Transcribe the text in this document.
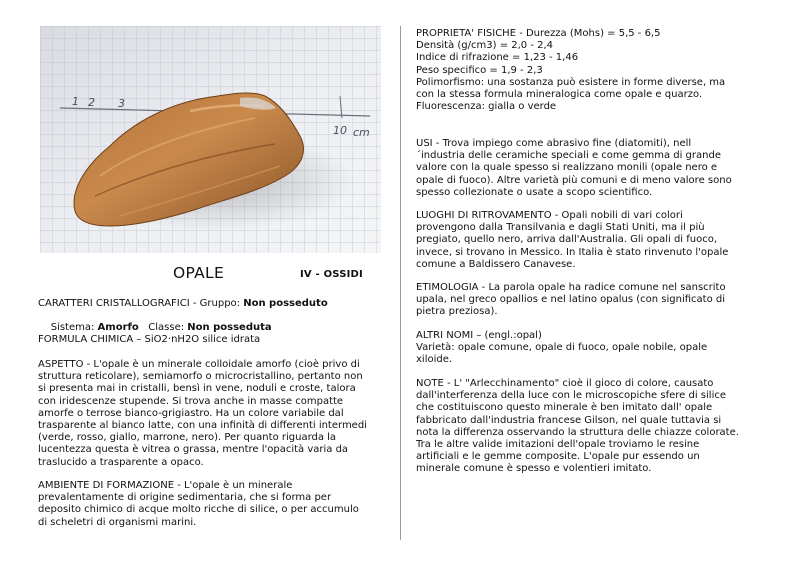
1 2 3
10 cm
OPALE	IV - OSSIDI
CARATTERI CRISTALLOGRAFICI - Gruppo: Non posseduto

Sistema: Amorfo   Classe: Non posseduta

FORMULA CHIMICA – SiO2·nH2O silice idrata
ASPETTO - L'opale è un minerale colloidale amorfo (cioè privo di
struttura reticolare), semiamorfo o microcristallino, pertanto non
si presenta mai in cristalli, bensì in vene, noduli e croste, talora
con iridescenze stupende. Si trova anche in masse compatte
amorfe o terrose bianco-grigiastro. Ha un colore variabile dal
trasparente al bianco latte, con una infinità di differenti intermedi
(verde, rosso, giallo, marrone, nero). Per quanto riguarda la
lucentezza questa è vitrea o grassa, mentre l'opacità varia da
traslucido a trasparente a opaco.
AMBIENTE DI FORMAZIONE - L'opale è un minerale
prevalentamente di origine sedimentaria, che si forma per
deposito chimico di acque molto ricche di silice, o per accumulo
di scheletri di organismi marini.
PROPRIETA' FISICHE - Durezza (Mohs) = 5,5 - 6,5
Densità (g/cm3) = 2,0 - 2,4
Indice di rifrazione = 1,23 - 1,46
Peso specifico = 1,9 - 2,3
Polimorfismo: una sostanza può esistere in forme diverse, ma
con la stessa formula mineralogica come opale e quarzo.
Fluorescenza: gialla o verde
USI - Trova impiego come abrasivo fine (diatomiti), nell
´industria delle ceramiche speciali e come gemma di grande
valore con la quale spesso si realizzano monili (opale nero e
opale di fuoco). Altre varietà più comuni e di meno valore sono
spesso collezionate o usate a scopo scientifico.
LUOGHI DI RITROVAMENTO - Opali nobili di vari colori
provengono dalla Transilvania e dagli Stati Uniti, ma il più
pregiato, quello nero, arriva dall'Australia. Gli opali di fuoco,
invece, si trovano in Messico. In Italia è stato rinvenuto l'opale
comune a Baldissero Canavese.
ETIMOLOGIA - La parola opale ha radice comune nel sanscrito
upala, nel greco opallios e nel latino opalus (con significato di
pietra preziosa).
ALTRI NOMI – (engl.:opal)
Varietà: opale comune, opale di fuoco, opale nobile, opale
xiloide.
NOTE - L' "Arlecchinamento" cioè il gioco di colore, causato
dall'interferenza della luce con le microscopiche sfere di silice
che costituiscono questo minerale è ben imitato dall' opale
fabbricato dall'industria francese Gilson, nel quale tuttavia si
nota la differenza osservando la struttura delle chiazze colorate.
Tra le altre valide imitazioni dell'opale troviamo le resine
artificiali e le gemme composite. L'opale pur essendo un
minerale comune è spesso e volentieri imitato.
